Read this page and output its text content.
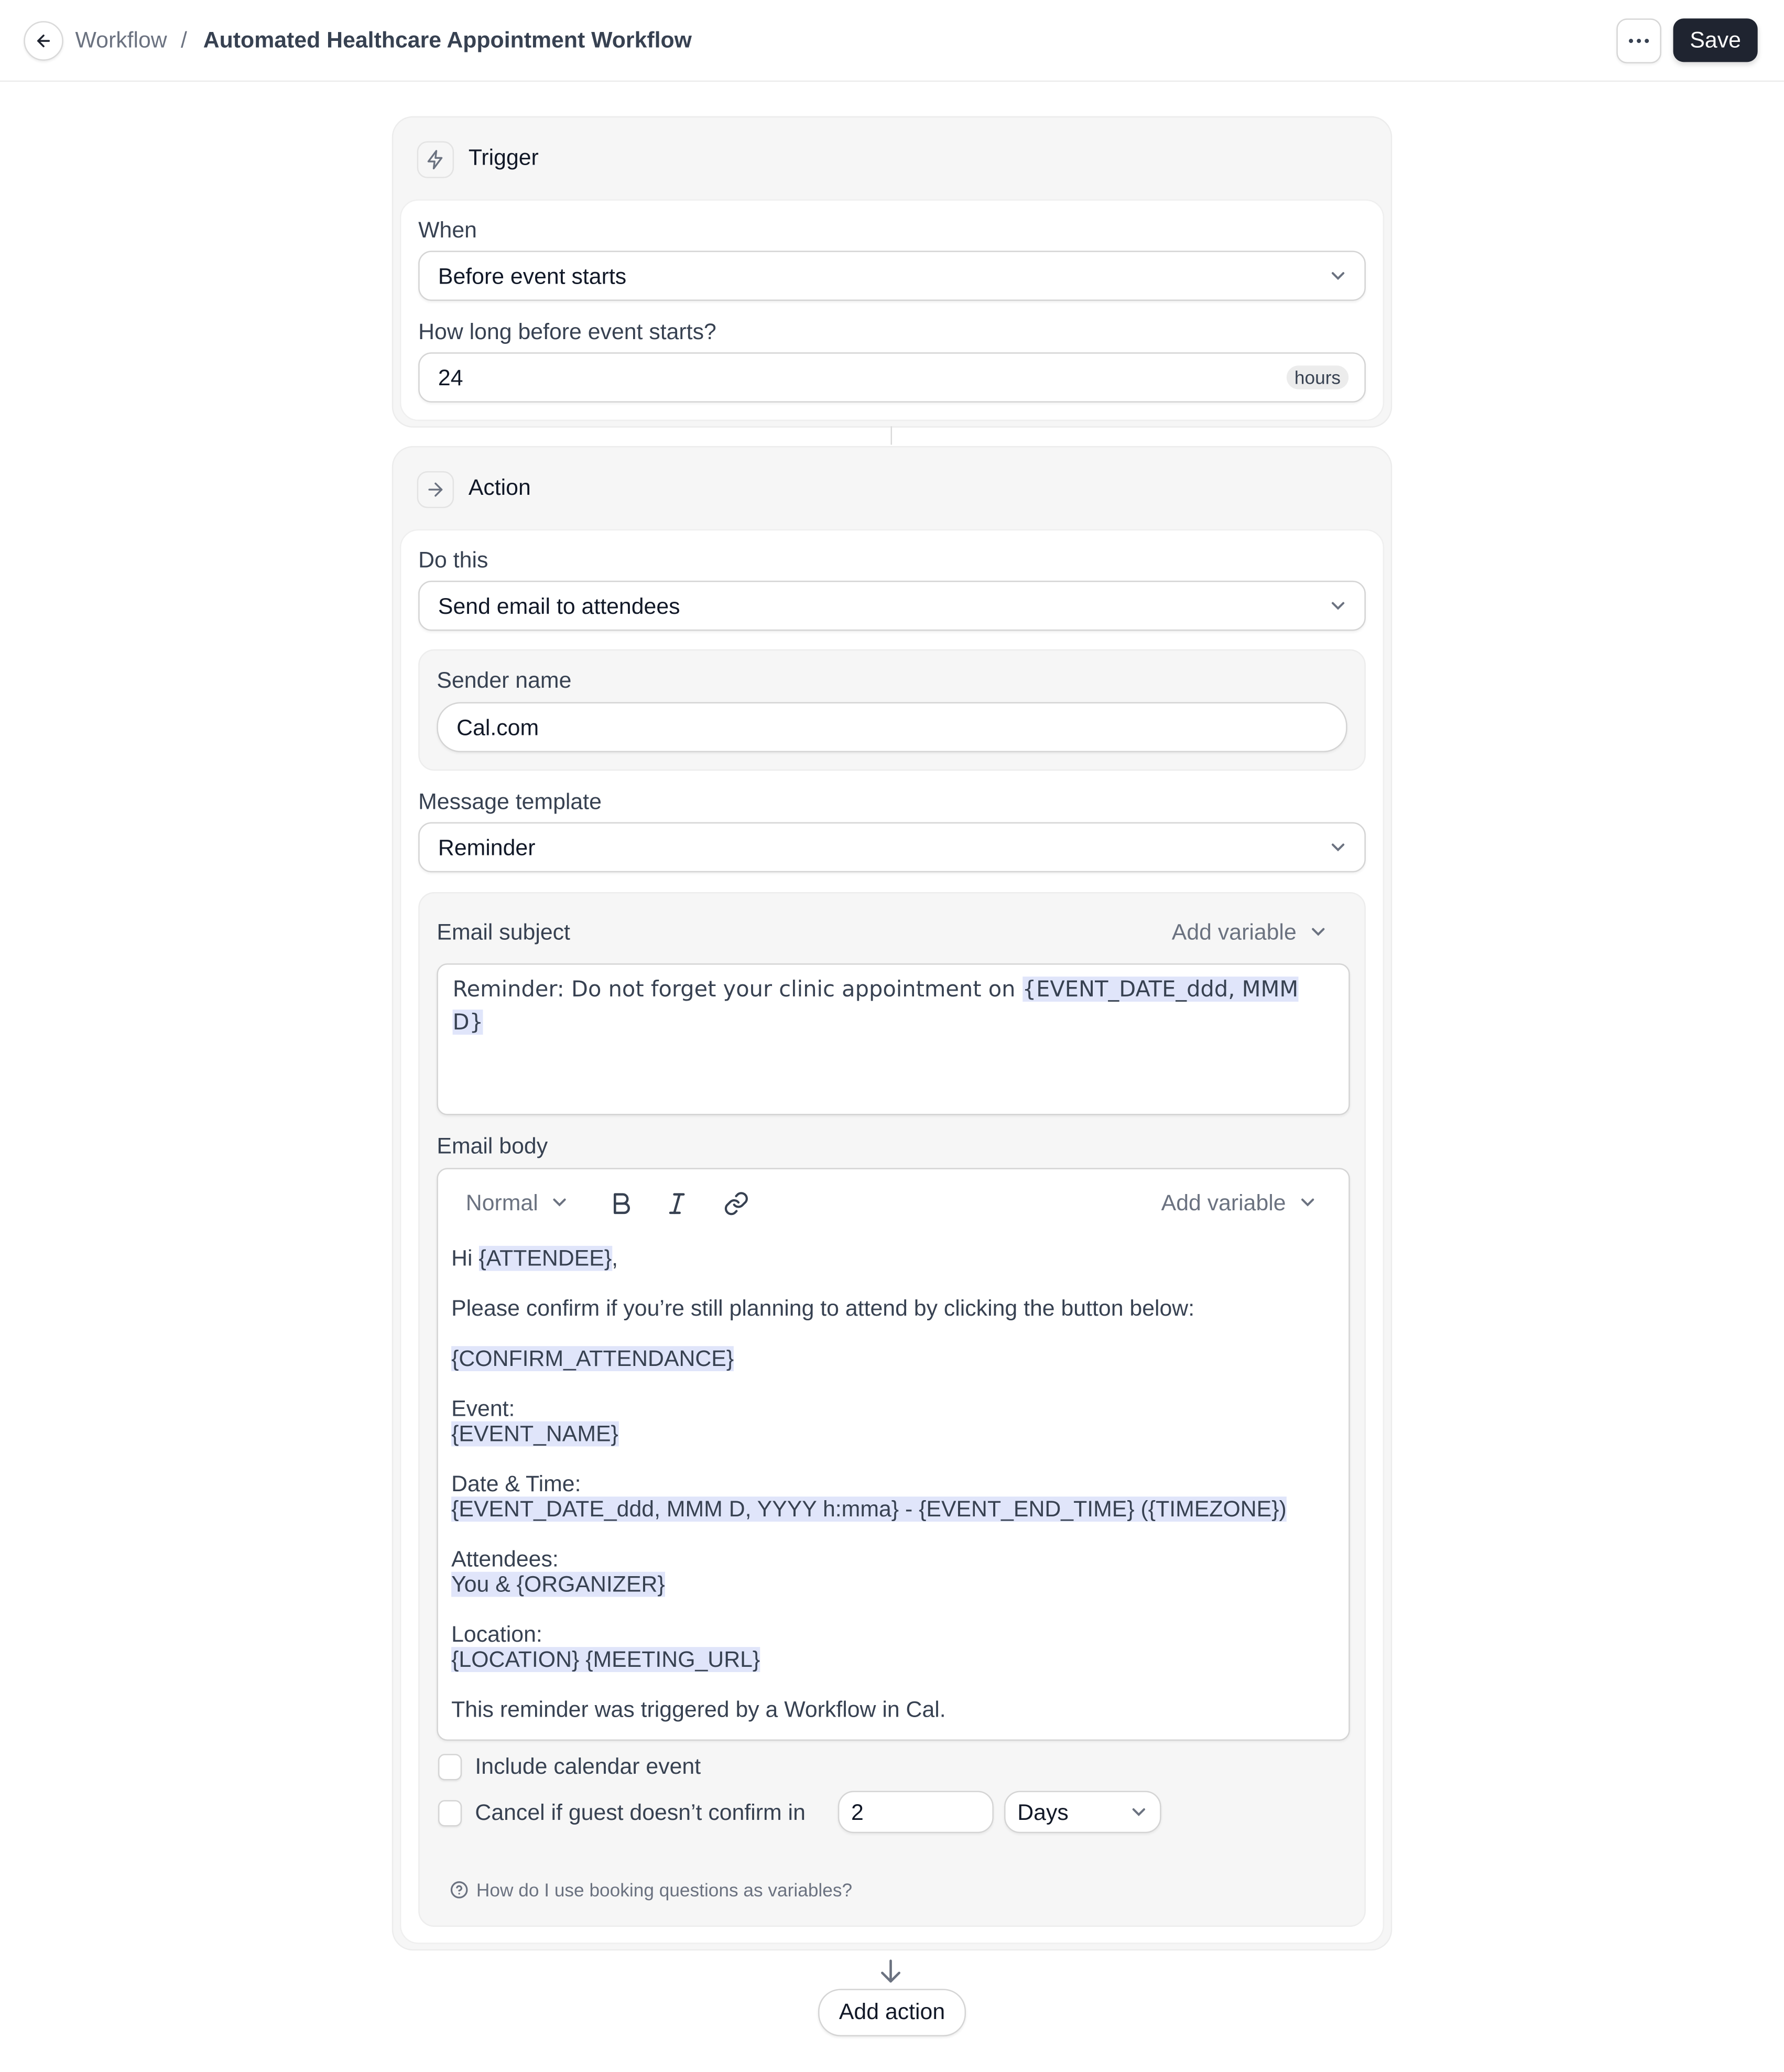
Workflow / Automated Healthcare Appointment Workflow	Save
Trigger
When
Before event starts
How long before event starts?
24	hours
Action
Do this
Send email to attendees
Sender name
Cal.com
Message template
Reminder
Email subject	Add variable
Reminder: Do not forget your clinic appointment on {EVENT_DATE_ddd, MMM D}
Email body
Normal	Add variable

Hi {ATTENDEE},

Please confirm if you’re still planning to attend by clicking the button below:

{CONFIRM_ATTENDANCE}

Event:

{EVENT_NAME}

Date & Time:

{EVENT_DATE_ddd, MMM D, YYYY h:mma} - {EVENT_END_TIME} ({TIMEZONE})

Attendees:

You & {ORGANIZER}

Location:

{LOCATION} {MEETING_URL}

This reminder was triggered by a Workflow in Cal.

Include calendar event
Cancel if guest doesn’t confirm in	2	Days
How do I use booking questions as variables?
Add action
